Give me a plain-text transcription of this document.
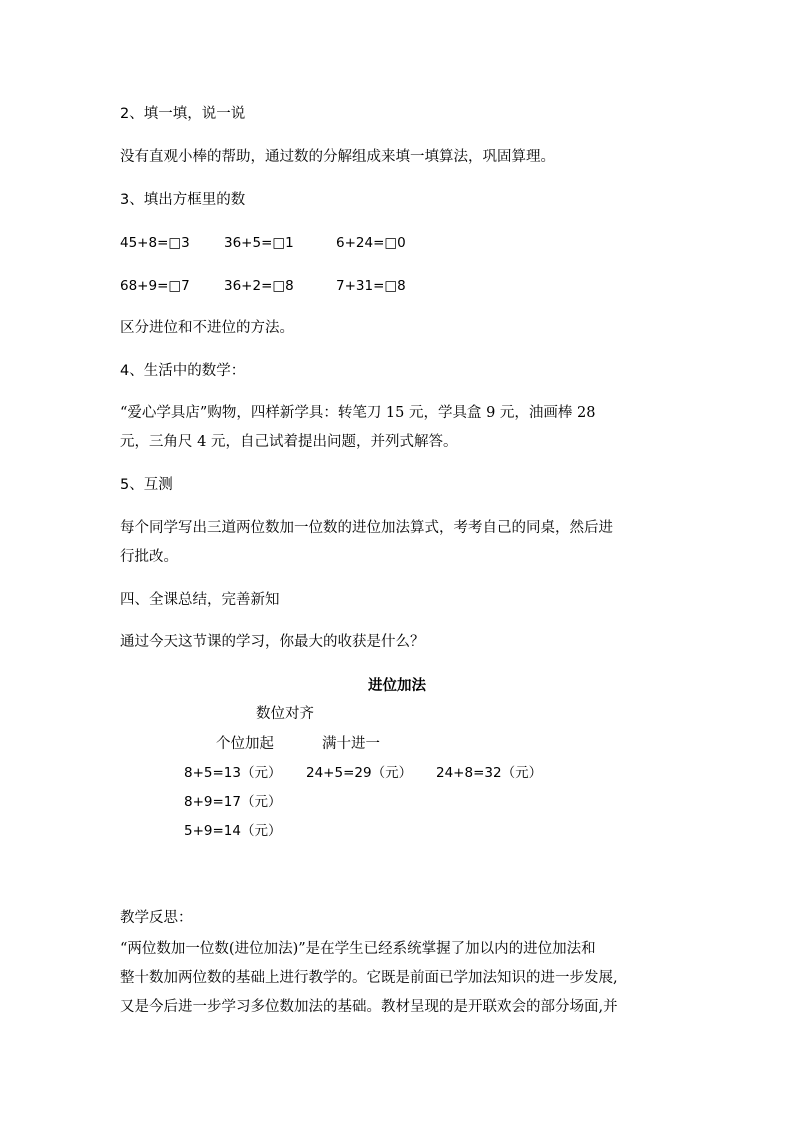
2、填一填，说一说
没有直观小棒的帮助，通过数的分解组成来填一填算法，巩固算理。
3、填出方框里的数
45+8=□3	36+5=□1	6+24=□0
68+9=□7	36+2=□8	7+31=□8
区分进位和不进位的方法。
4、生活中的数学：
“爱心学具店”购物，四样新学具：转笔刀 15 元，学具盒 9 元，油画棒 28
元，三角尺 4 元，自己试着提出问题，并列式解答。
5、互测
每个同学写出三道两位数加一位数的进位加法算式，考考自己的同桌，然后进
行批改。
四、全课总结，完善新知
通过今天这节课的学习，你最大的收获是什么？
进位加法
数位对齐
个位加起	满十进一
8+5=13（元） 24+5=29（元） 24+8=32（元）
8+9=17（元）
5+9=14（元）
教学反思：
“两位数加一位数(进位加法)”是在学生已经系统掌握了加以内的进位加法和
整十数加两位数的基础上进行教学的。它既是前面已学加法知识的进一步发展,
又是今后进一步学习多位数加法的基础。教材呈现的是开联欢会的部分场面,并
